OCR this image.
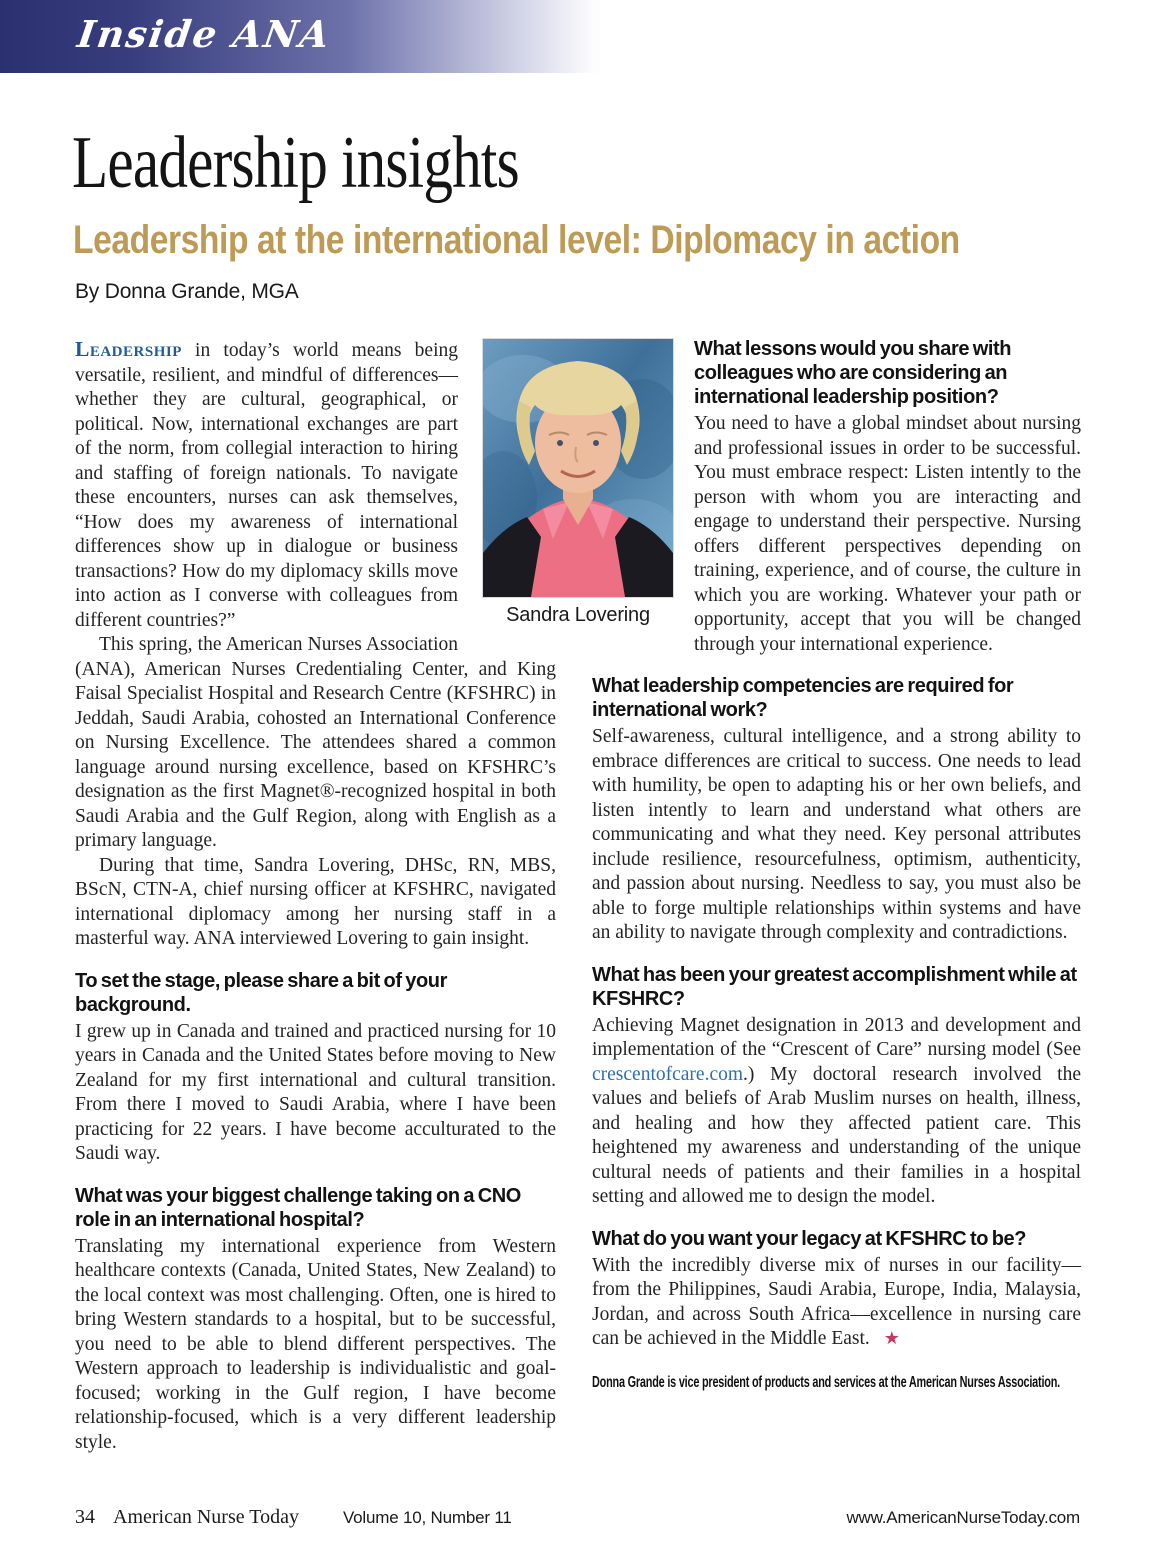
Inside ANA
Leadership insights
Leadership at the international level: Diplomacy in action
By Donna Grande, MGA
Sandra Lovering

Leadership in today’s world means being versatile, resilient, and mindful of differences—whether they are cultural, geographical, or political. Now, international exchanges are part of the norm, from collegial interaction to hiring and staffing of foreign nationals. To navigate these encounters, nurses can ask themselves, “How does my awareness of international differences show up in dialogue or business transactions? How do my diplomacy skills move into action as I converse with colleagues from different countries?”

This spring, the American Nurses Association (ANA), American Nurses Credentialing Center, and King Faisal Specialist Hospital and Research Centre (KFSHRC) in Jeddah, Saudi Arabia, cohosted an International Conference on Nursing Excellence. The attendees shared a common language around nursing excellence, based on KFSHRC’s designation as the first Magnet®-recognized hospital in both Saudi Arabia and the Gulf Region, along with English as a primary language.

During that time, Sandra Lovering, DHSc, RN, MBS, BScN, CTN-A, chief nursing officer at KFSHRC, navigated international diplomacy among her nursing staff in a masterful way. ANA interviewed Lovering to gain insight.

To set the stage, please share a bit of your background.

I grew up in Canada and trained and practiced nursing for 10 years in Canada and the United States before moving to New Zealand for my first international and cultural transition. From there I moved to Saudi Arabia, where I have been practicing for 22 years. I have become acculturated to the Saudi way.

What was your biggest challenge taking on a CNO role in an international hospital?

Translating my international experience from Western healthcare contexts (Canada, United States, New Zealand) to the local context was most challenging. Often, one is hired to bring Western standards to a hospital, but to be successful, you need to be able to blend different perspectives. The Western approach to leadership is individualistic and goal-focused; working in the Gulf region, I have become relationship-focused, which is a very different leadership style.

What lessons would you share with colleagues who are considering an international leadership position?

You need to have a global mindset about nursing and professional issues in order to be successful. You must embrace respect: Listen intently to the person with whom you are interacting and engage to understand their perspective. Nursing offers different perspectives depending on training, experience, and of course, the culture in which you are working. Whatever your path or opportunity, accept that you will be changed through your international experience.

What leadership competencies are required for international work?

Self-awareness, cultural intelligence, and a strong ability to embrace differences are critical to success. One needs to lead with humility, be open to adapting his or her own beliefs, and listen intently to learn and understand what others are communicating and what they need. Key personal attributes include resilience, resourcefulness, optimism, authenticity, and passion about nursing. Needless to say, you must also be able to forge multiple relationships within systems and have an ability to navigate through complexity and contradictions.

What has been your greatest accomplishment while at KFSHRC?

Achieving Magnet designation in 2013 and development and implementation of the “Crescent of Care” nursing model (See crescentofcare.com.) My doctoral research involved the values and beliefs of Arab Muslim nurses on health, illness, and healing and how they affected patient care. This heightened my awareness and understanding of the unique cultural needs of patients and their families in a hospital setting and allowed me to design the model.

What do you want your legacy at KFSHRC to be?

With the incredibly diverse mix of nurses in our facility—from the Philippines, Saudi Arabia, Europe, India, Malaysia, Jordan, and across South Africa—excellence in nursing care can be achieved in the Middle East. ★

Donna Grande is vice president of products and services at the American Nurses Association.

34 American Nurse Today	Volume 10, Number 11	www.AmericanNurseToday.com
